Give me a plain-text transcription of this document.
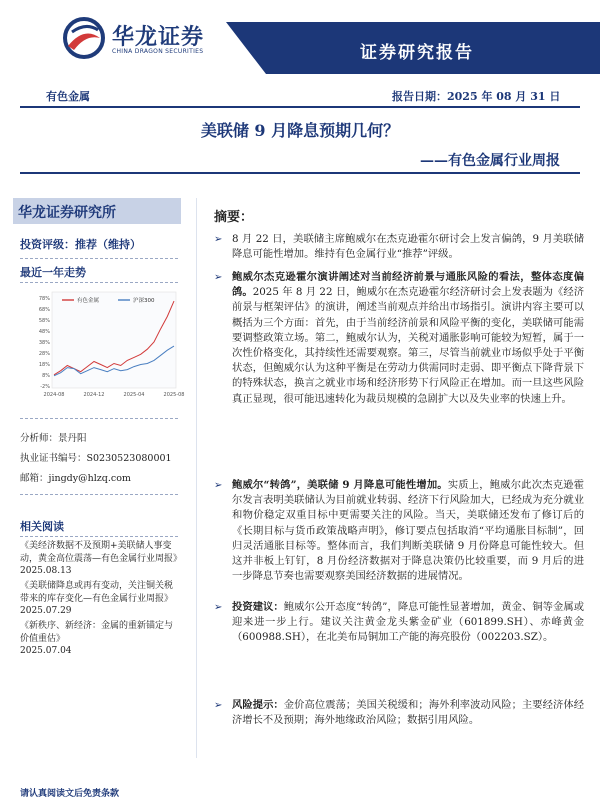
华龙证券
CHINA DRAGON SECURITIES	证券研究报告
有色金属	报告日期：2025 年 08 月 31 日
美联储 9 月降息预期几何？
——有色金属行业周报
华龙证券研究所
投资评级：推荐（维持）
最近一年走势
有色金属	沪深300
78%
68%
58%
48%
38%
28%
18%
8%
-2%
2024-08	2024-12	2025-04	2025-08
分析师：景丹阳
执业证书编号：S0230523080001
邮箱：jingdy@hlzq.com
相关阅读
《美经济数据不及预期+美联储人事变动，黄金高位震荡—有色金属行业周报》
2025.08.13
《美联储降息或再有变动，关注铜关税带来的库存变化—有色金属行业周报》
2025.07.29
《新秩序、新经济：金属的重新锚定与价值重估》
2025.07.04
摘要：
➢ 8 月 22 日，美联储主席鲍威尔在杰克逊霍尔研讨会上发言偏鸽，9 月美联储降息可能性增加。维持有色金属行业“推荐”评级。
➢ 鲍威尔杰克逊霍尔演讲阐述对当前经济前景与通胀风险的看法，整体态度偏鸽。2025 年 8 月 22 日，鲍威尔在杰克逊霍尔经济研讨会上发表题为《经济前景与框架评估》的演讲，阐述当前观点并给出市场指引。演讲内容主要可以概括为三个方面：首先，由于当前经济前景和风险平衡的变化，美联储可能需要调整政策立场。第二，鲍威尔认为，关税对通胀影响可能较为短暂，属于一次性价格变化，其持续性还需要观察。第三，尽管当前就业市场似乎处于平衡状态，但鲍威尔认为这种平衡是在劳动力供需同时走弱、即平衡点下降背景下的特殊状态，换言之就业市场和经济形势下行风险正在增加。而一旦这些风险真正显现，很可能迅速转化为裁员规模的急剧扩大以及失业率的快速上升。
➢ 鲍威尔“转鸽”，美联储 9 月降息可能性增加。实质上，鲍威尔此次杰克逊霍尔发言表明美联储认为目前就业转弱、经济下行风险加大，已经成为充分就业和物价稳定双重目标中更需要关注的风险。当天，美联储还发布了修订后的《长期目标与货币政策战略声明》，修订要点包括取消“平均通胀目标制”，回归灵活通胀目标等。整体而言，我们判断美联储 9 月份降息可能性较大。但这并非板上钉钉，8 月份经济数据对于降息决策仍比较重要，而 9 月后的进一步降息节奏也需要观察美国经济数据的进展情况。
➢ 投资建议：鲍威尔公开态度“转鸽”，降息可能性显著增加，黄金、铜等金属或迎来进一步上行。建议关注黄金龙头紫金矿业（601899.SH）、赤峰黄金（600988.SH），在北美布局铜加工产能的海亮股份（002203.SZ）。
➢ 风险提示：金价高位震荡；美国关税缓和；海外利率波动风险；主要经济体经济增长不及预期；海外地缘政治风险；数据引用风险。
请认真阅读文后免责条款
